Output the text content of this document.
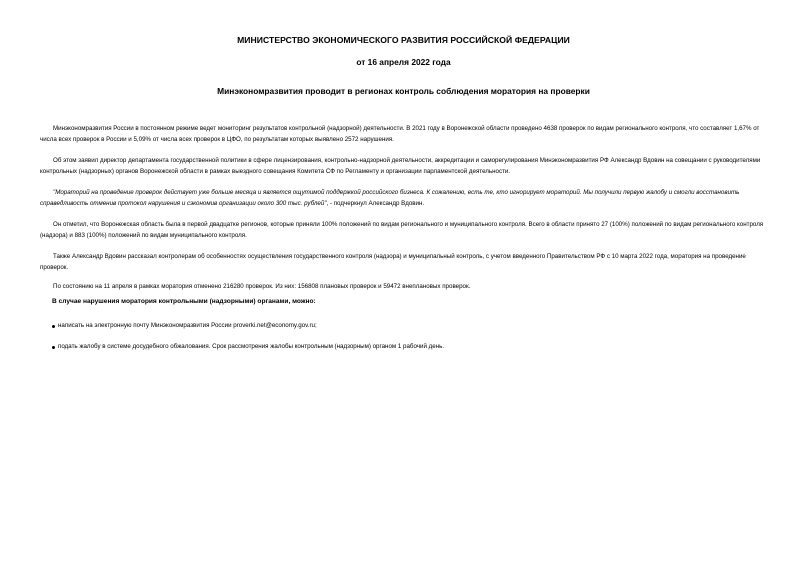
МИНИСТЕРСТВО ЭКОНОМИЧЕСКОГО РАЗВИТИЯ РОССИЙСКОЙ ФЕДЕРАЦИИ
от 16 апреля 2022 года
Минэкономразвития проводит в регионах контроль соблюдения моратория на проверки

Минэкономразвития России в постоянном режиме ведет мониторинг результатов контрольной (надзорной) деятельности. В 2021 году в Воронежской области проведено 4638 проверок по видам регионального контроля, что составляет 1,67% от числа всех проверок в России и 5,09% от числа всех проверок в ЦФО, по результатам которых выявлено 2572 нарушения.

Об этом заявил директор департамента государственной политики в сфере лицензирования, контрольно-надзорной деятельности, аккредитации и саморегулирования Минэкономразвития РФ Александр Вдовин на совещании с руководителями контрольных (надзорных) органов Воронежской области в рамках выездного совещания Комитета СФ по Регламенту и организации парламентской деятельности.

"Мораторий на проведение проверок действует уже больше месяца и является ощутимой поддержкой российского бизнеса. К сожалению, есть те, кто игнорирует мораторий. Мы получили первую жалобу и смогли восстановить справедливость отменив протокол нарушения и сэкономив организации около 300 тыс. рублей", - подчеркнул Александр Вдовин.

Он отметил, что Воронежская область была в первой двадцатке регионов, которые приняли 100% положений по видам регионального и муниципального контроля. Всего в области принято 27 (100%) положений по видам регионального контроля (надзора) и 883 (100%) положений по видам муниципального контроля.

Также Александр Вдовин рассказал контролерам об особенностях осуществления государственного контроля (надзора) и муниципальный контроль, с учетом введенного Правительством РФ с 10 марта 2022 года, моратория на проведение проверок.

По состоянию на 11 апреля в рамках моратория отменено 216280 проверок. Из них: 156808 плановых проверок и 59472 внеплановых проверок.

В случае нарушения моратория контрольными (надзорными) органами, можно:
написать на электронную почту Минэкономразвития России proverki.net@economy.gov.ru;
подать жалобу в системе досудебного обжалования. Срок рассмотрения жалобы контрольным (надзорным) органом 1 рабочий день.
